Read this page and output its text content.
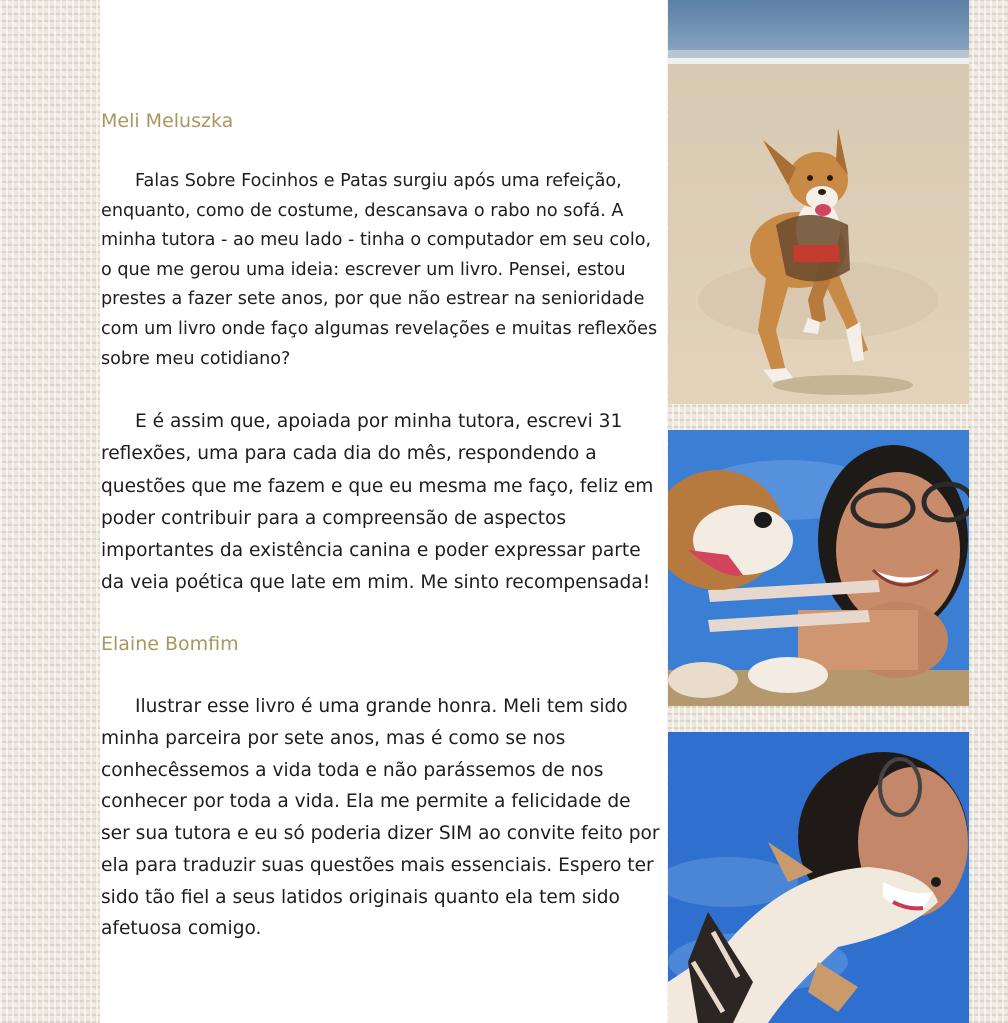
Meli Meluszka

Falas Sobre Focinhos e Patas surgiu após uma refeição, enquanto, como de costume, descansava o rabo no sofá. A minha tutora - ao meu lado - tinha o computador em seu colo, o que me gerou uma ideia: escrever um livro. Pensei, estou prestes a fazer sete anos, por que não estrear na senioridade com um livro onde faço algumas revelações e muitas reflexões sobre meu cotidiano?

E é assim que, apoiada por minha tutora, escrevi 31 reflexões, uma para cada dia do mês, respondendo a questões que me fazem e que eu mesma me faço, feliz em poder contribuir para a compreensão de aspectos importantes da existência canina e poder expressar parte da veia poética que late em mim. Me sinto recompensada!

Elaine Bomfim

Ilustrar esse livro é uma grande honra. Meli tem sido minha parceira por sete anos, mas é como se nos conhecêssemos a vida toda e não parássemos de nos conhecer por toda a vida. Ela me permite a felicidade de ser sua tutora e eu só poderia dizer SIM ao convite feito por ela para traduzir suas questões mais essenciais. Espero ter sido tão fiel a seus latidos originais quanto ela tem sido afetuosa comigo.
